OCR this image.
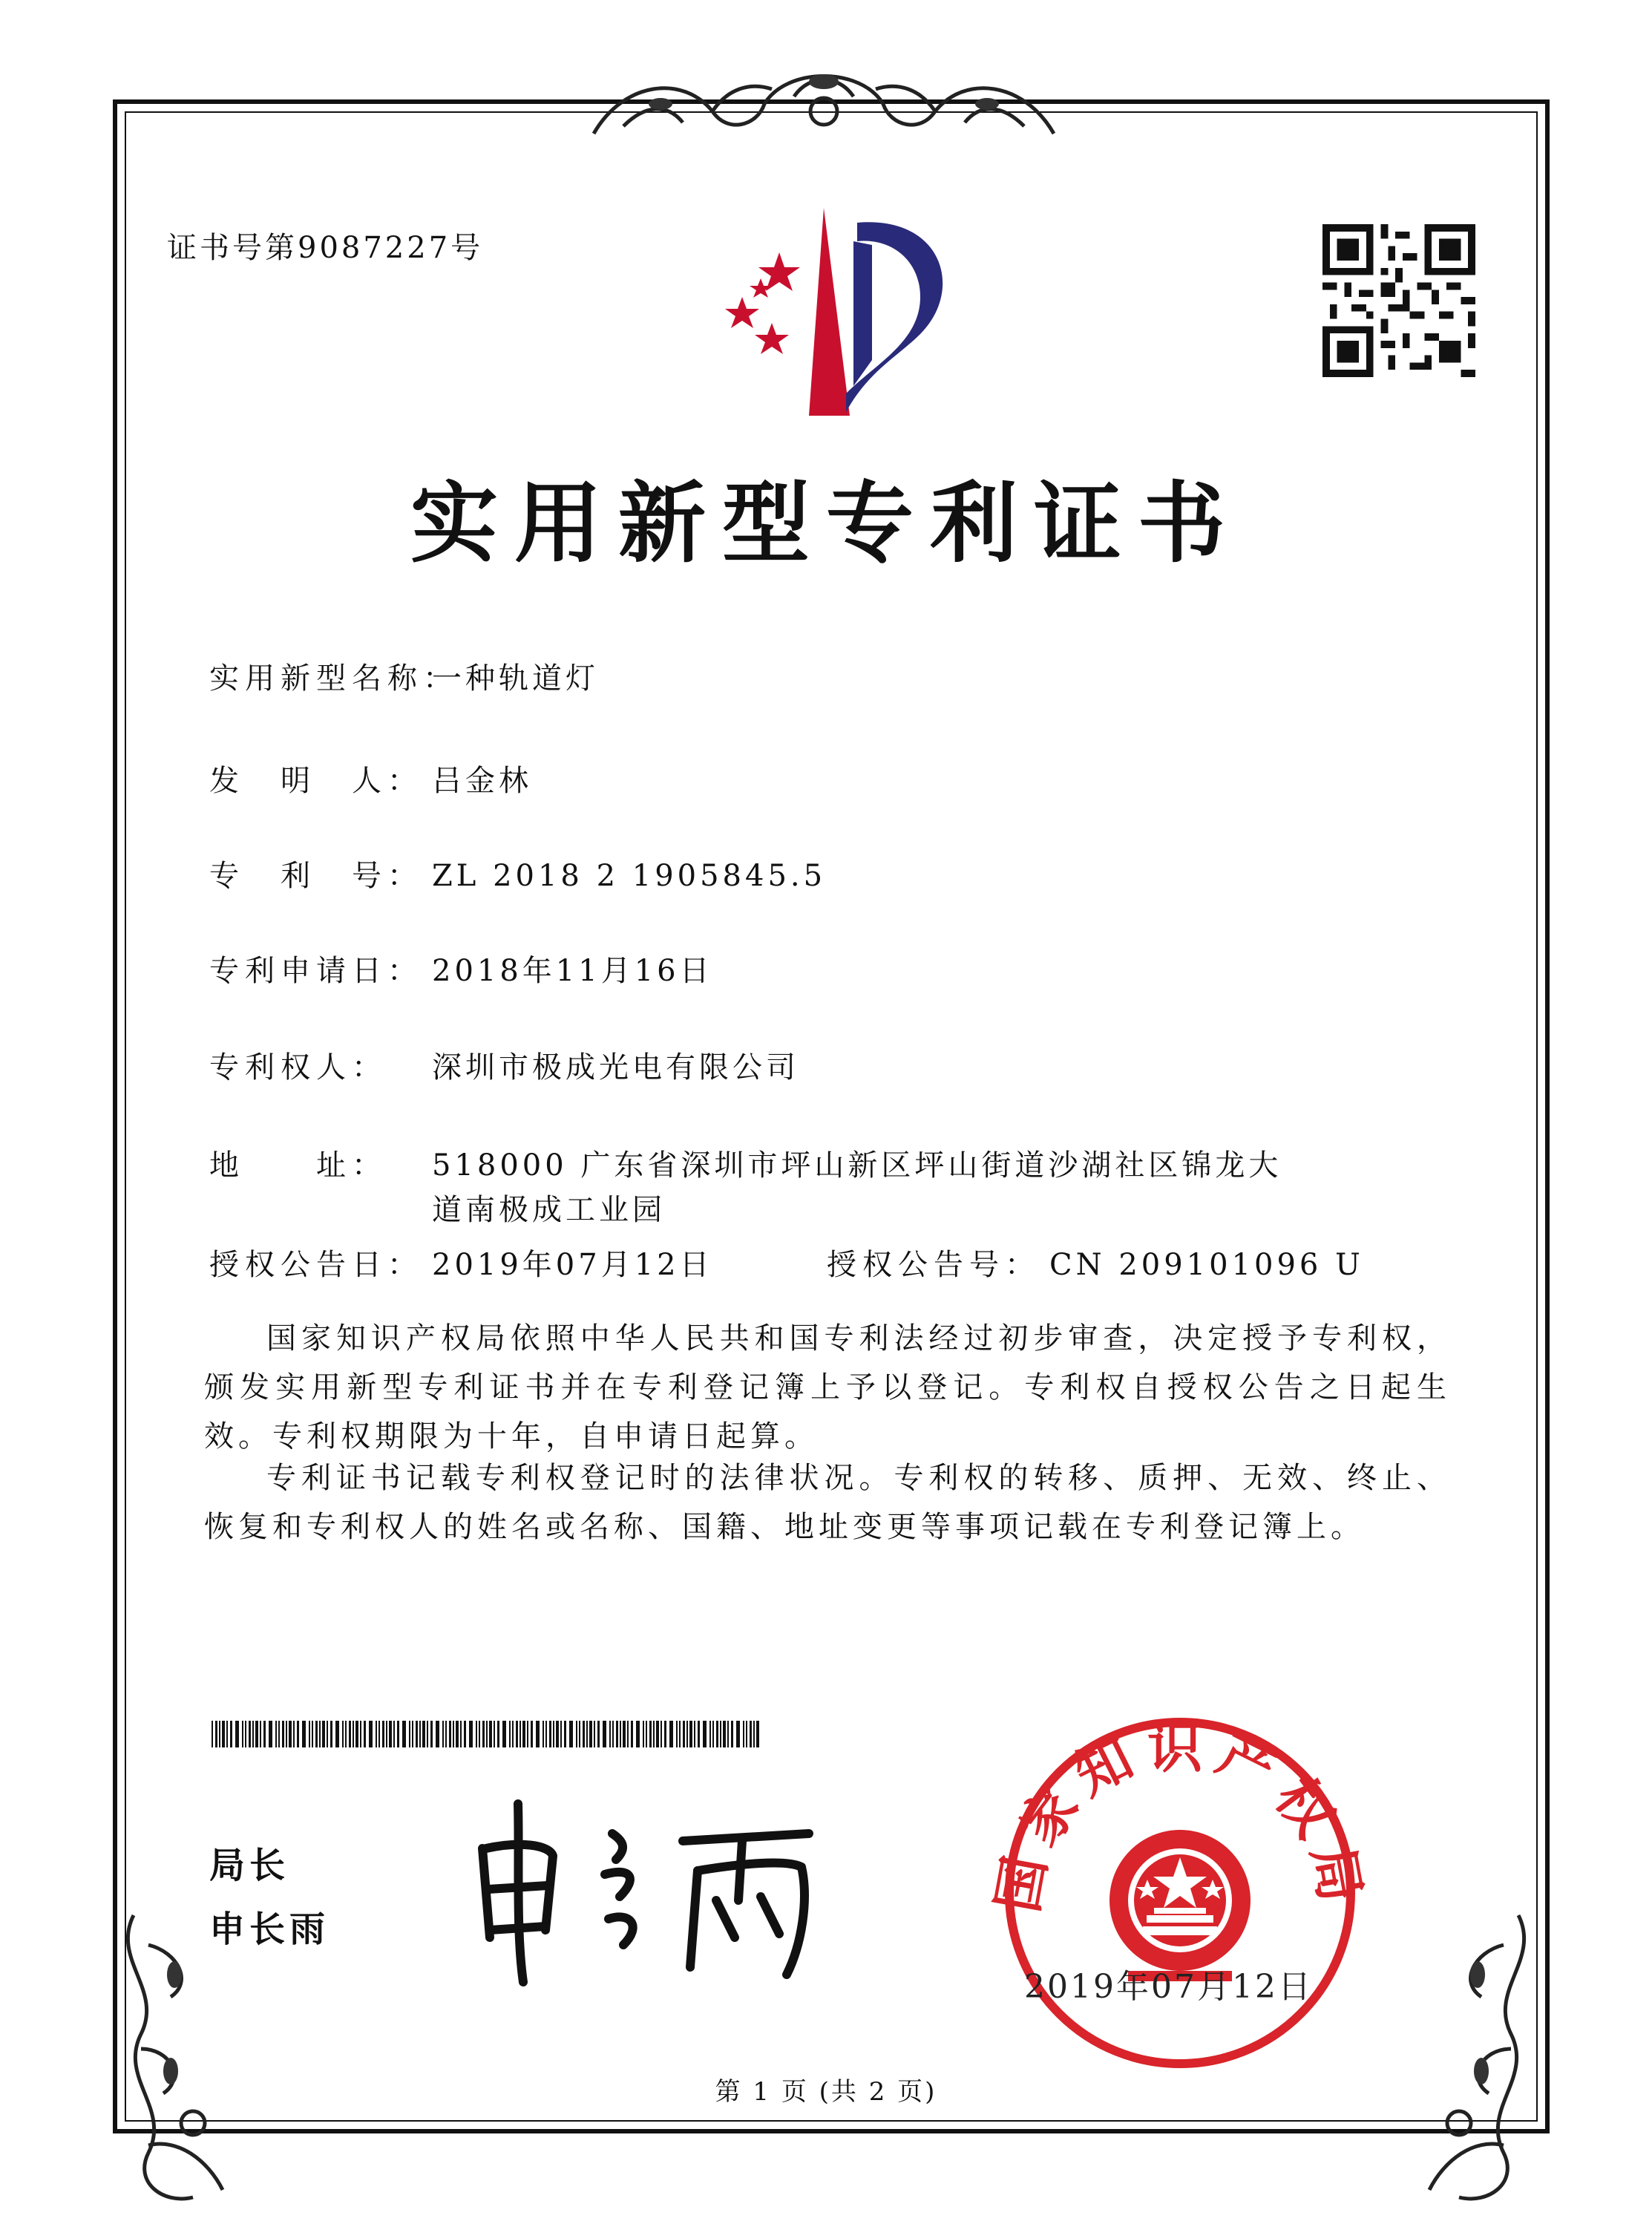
证书号第9087227号
实用新型专利证书
实用新型名称：一种轨道灯
发　明　人： 吕金林
专　利　号： ZL 2018 2 1905845.5
专利申请日： 2018年11月16日
专利权人： 深圳市极成光电有限公司
地　　址： 518000 广东省深圳市坪山新区坪山街道沙湖社区锦龙大
道南极成工业园
授权公告日： 2019年07月12日	授权公告号： CN 209101096 U
国家知识产权局依照中华人民共和国专利法经过初步审查，决定授予专利权，颁发实用新型专利证书并在专利登记簿上予以登记。专利权自授权公告之日起生效。专利权期限为十年，自申请日起算。
专利证书记载专利权登记时的法律状况。专利权的转移、质押、无效、终止、恢复和专利权人的姓名或名称、国籍、地址变更等事项记载在专利登记簿上。
局长
申长雨
国家知识产权局
2019年07月12日
第 1 页 (共 2 页)
